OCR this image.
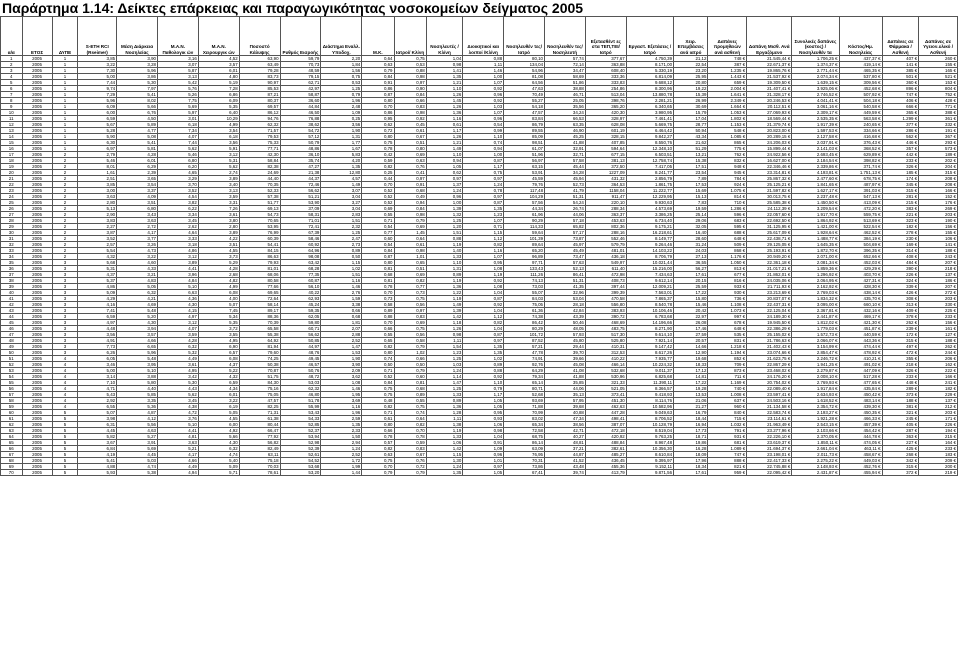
Παράρτημα 1.14: Δείκτες επάρκειας και παραγωγικότητας νοσοκομείων δείγματος 2005
α/α	ΕΤΟΣ	ΔΥΠΕ	S-ETH RCI (Rseimer)	Μέση Διάρκεια Νοσηλείας	Μ.Α.Ν. Παθολογικ ών	Μ.Α.Ν. Χειρουργικ ών	Ποσοστό Κάλυψης	Ρυθμός Εισροής	Διάστημα Εναλλ. Υποδοχ.	Μ.Κ.	Ιατροί/ Κλίνη	Νοσηλευτές /Κλίνη	Διοικητικοί και λοιποί /Κλίνη	Νοσηλευθέν τες/ Ιατρό	Νοσηλευθέν τες/ Νοσηλευτή	Εξετασθέντ ες στα ΤΕΠ,ΤΕΙ/ Ιατρό	Εργαστ. Εξετάσεις /Ιατρό	Χειρ. Επεμβάσεις ανά ιατρό	Δαπάνες προμηθειών ανά ασθενή	Δαπάνη Μισθ. Ανά Εργαζόμενο	Συνολικές δαπάνες (κοστος) / Νοσηλευθέν τα	Κόστος/Ημ. Νοσηλείας	Δαπάνες σε Φάρμακα / Ασθενή	Δαπάνες σε Υγειον.υλικό / Ασθενή
1	2005	1	3,85	3,90	3,16	4,52	63,90	59,79	2,20	0,64	0,75	1,04	0,88	80,10	57,74	377,67	4.750,39	21,12	748 €	21.545,44 €	1.706,25 €	437,37 €	407 €	260 €
2	2005	1	3,22	3,28	3,07	3,57	63,49	70,73	1,84	0,63	0,53	0,98	1,11	134,04	72,14	363,88	8.171,00	22,54	387 €	22.671,37 €	1.374,37 €	419,14 €	141 €	155 €
3	2005	1	7,30	5,96	5,87	6,01	79,28	48,59	1,56	0,79	0,88	1,41	1,46	54,96	34,47	608,40	5.330,19	23,20	1.235 €	19.865,76 €	2.771,44 €	465,35 €	385 €	165 €
4	2005	1	5,00	3,86	3,13	4,80	83,73	79,15	0,75	0,84	0,98	1,35	1,00	81,08	58,69	333,36	6.814,09	25,95	1.443 €	21.537,92 €	2.074,34 €	537,80 €	501 €	521 €
5	2005	1	7,44	5,30	5,42	5,19	90,97	62,71	0,53	0,91	0,97	1,21	1,07	64,56	51,86	333,83	9.688,12	20,80	659 €	19.309,50 €	1.639,15 €	309,56 €	360 €	153 €
6	2005	1	9,74	7,97	5,76	7,28	85,53	42,97	1,25	0,86	0,90	1,10	0,92	47,63	38,88	254,86	8.300,96	19,22	2.004 €	21.407,41 €	3.925,06 €	452,68 €	896 €	804 €
7	2005	1	7,29	5,41	5,26	6,86	87,21	58,87	0,79	0,87	0,84	1,26	0,96	70,49	46,71	513,04	13.880,78	15,39	1.641 €	21.328,17 €	2.746,52 €	507,92 €	747 €	752 €
8	2005	1	5,96	8,02	7,75	6,09	80,37	36,60	1,96	0,80	0,66	1,45	0,92	55,27	25,05	398,76	2.281,21	26,99	2.349 €	20.246,53 €	4.041,41 €	504,18 €	406 €	428 €
9	2005	1	6,09	5,66	5,69	5,35	69,57	44,84	2,48	0,70	0,83	1,26	1,03	54,18	35,56	365,20	6.340,65	30,69	1.664 €	20.112,51 €	3.061,16 €	540,58 €	666 €	771 €
10	2005	1	6,00	6,76	5,97	6,40	86,12	46,50	1,09	0,86	0,98	1,36	1,07	47,57	34,24	420,30	3.980,95	15,79	1.053 €	27.069,93 €	2.309,17 €	449,59 €	365 €	388 €
11	2005	1	6,59	4,50	3,01	10,29	94,76	76,88	0,25	0,95	0,92	1,16	0,96	83,84	66,53	328,97	7.461,41	17,04	1.802 €	18.569,44 €	2.535,35 €	563,58 €	1.299 €	361 €
12	2005	1	5,67	5,89	6,18	4,99	62,32	38,62	3,56	0,62	0,45	0,61	0,54	86,79	63,35	628,08	5.669,75	28,77	1.153 €	21.379,74 €	1.917,39 €	240,65 €	377 €	332 €
13	2005	1	5,28	4,77	7,34	3,54	71,57	54,72	1,90	0,72	0,61	1,17	0,99	89,55	46,90	601,19	6.464,42	50,94	548 €	20.823,00 €	1.597,53 €	334,66 €	286 €	191 €
14	2005	1	5,90	5,08	4,07	6,18	79,53	57,12	1,31	0,80	0,67	1,26	1,10	85,09	45,25	328,15	9.842,27	43,34	1.085 €	20.289,15 €	2.127,58 €	416,68 €	562 €	367 €
15	2005	1	6,30	5,41	7,44	3,56	75,33	50,79	1,77	0,75	0,51	1,21	0,74	98,51	41,88	407,85	8.550,76	21,62	865 €	24.206,03 €	2.037,91 €	376,43 €	446 €	293 €
16	2005	1	6,97	5,81	5,62	5,91	77,71	48,86	1,67	0,78	0,80	1,49	0,94	61,07	32,91	594,64	12.348,10	51,29	775 €	15.899,44 €	2.141,03 €	368,52 €	357 €	573 €
17	2005	2	2,79	4,28	5,46	3,12	42,30	36,10	5,83	0,42	0,69	1,10	1,00	51,96	32,71	677,15	6.503,51	13,21	762 €	24.922,56 €	2.693,45 €	629,89 €	442 €	189 €
18	2005	2	5,46	6,01	6,80	5,31	58,84	35,74	4,20	0,59	0,63	0,94	0,87	56,97	57,58	381,13	12.758,74	15,38	832 €	16.627,00 €	2.184,54 €	398,82 €	233 €	202 €
19	2005	2	8,01	6,29	6,20	5,62	82,38	47,27	1,35	0,82	0,76	1,05	1,17	63,15	45,44	372,50	7.417,05	17,51	948 €	22.346,46 €	2.339,86 €	371,74 €	326 €	204 €
20	2005	2	1,61	2,39	4,65	2,74	24,69	21,38	12,80	0,25	0,41	0,62	0,75	53,91	34,28	1227,09	8.241,77	23,54	945 €	23.314,81 €	4.193,81 €	1.751,13 €	185 €	315 €
21	2005	2	2,51	3,65	3,29	3,89	44,40	44,37	4,57	0,44	0,97	0,97	0,97	45,59	45,94	431,32	2.856,79	7,89	784 €	25.867,32 €	2.477,60 €	678,75 €	174 €	208 €
22	2005	2	3,85	3,54	3,70	3,40	70,35	72,46	1,49	0,70	0,91	1,37	1,24	79,76	52,73	364,53	1.861,75	17,53	924 €	25.125,21 €	1.841,65 €	487,97 €	345 €	208 €
23	2005	2	3,00	3,37	3,52	3,13	52,33	56,62	3,07	0,52	0,68	1,24	0,78	117,48	41,79	1158,04	11.222,77	15,69	1.075 €	21.597,82 €	1.627,17 €	391,03 €	315 €	166 €
24	2005	2	3,63	4,09	4,54	3,59	57,38	51,21	3,04	0,52	0,49	0,96	0,97	104,29	51,31	911,47	12.229,95	15,13	814 €	30.013,75 €	2.237,48 €	547,13 €	281 €	152 €
25	2005	2	2,80	3,51	3,82	3,31	51,77	53,90	3,27	0,52	0,94	1,00	0,87	57,56	54,24	220,10	9.930,63	7,83	710 €	25.585,38 €	1.450,50 €	413,09 €	215 €	176 €
26	2005	2	5,13	6,80	6,22	7,26	69,13	37,09	3,04	0,69	0,84	1,39	1,35	44,34	26,74	288,34	4.573,69	19,59	1.286 €	24.112,39 €	3.209,54 €	472,20 €	383 €	269 €
27	2005	2	2,90	3,43	3,34	3,61	54,73	58,31	2,83	0,55	0,98	1,32	1,23	61,96	44,06	363,37	3.386,25	25,14	596 €	22.057,60 €	1.917,70 €	559,75 €	221 €	203 €
28	2005	2	3,83	3,63	3,45	3,80	70,65	71,01	1,51	0,71	0,79	1,25	1,07	90,29	57,18	453,63	6.734,40	29,06	683 €	22.692,50 €	1.864,92 €	513,69 €	323 €	190 €
29	2005	2	2,27	2,72	2,62	2,80	53,95	72,41	2,32	0,54	0,69	1,20	0,71	114,33	65,82	802,36	9.175,21	32,05	595 €	31.125,95 €	1.421,00 €	522,54 €	182 €	156 €
30	2005	2	3,87	4,17	4,64	3,89	76,99	67,39	1,25	0,77	1,45	1,51	1,15	59,64	57,17	288,16	16.218,61	16,40	688 €	25.617,09 €	1.928,64 €	462,52 €	278 €	155 €
31	2005	2	3,52	3,77	3,33	4,22	60,39	58,46	2,47	0,60	0,64	0,88	1,12	101,39	73,87	552,46	8.149,77	28,60	648 €	22.438,71 €	1.488,77 €	384,19 €	230 €	106 €
32	2005	2	2,57	3,26	3,18	3,51	54,41	60,92	2,73	0,54	0,61	1,19	0,82	89,64	45,97	579,79	9.264,46	31,24	509 €	29.125,05 €	1.645,35 €	504,69 €	169 €	141 €
33	2005	2	5,54	4,73	4,86	4,55	84,15	64,96	0,89	0,84	0,98	1,40	1,16	65,20	45,49	481,01	14.103,22	24,03	868 €	25.193,91 €	1.872,70 €	396,35 €	314 €	188 €
34	2005	2	4,32	3,22	3,12	3,73	86,63	98,08	0,50	0,87	1,01	1,33	1,07	96,89	73,47	436,18	8.706,79	27,13	1.176 €	20.949,20 €	2.071,00 €	652,66 €	408 €	243 €
35	2005	3	5,68	4,60	3,89	5,29	79,93	63,42	1,15	0,80	0,65	1,10	0,95	97,71	57,63	549,97	10.021,44	36,55	1.050 €	22.361,18 €	2.081,34 €	452,03 €	484 €	207 €
36	2005	3	5,31	4,33	4,41	4,28	81,01	68,28	1,02	0,81	0,51	1,31	1,08	133,43	52,13	611,40	15.216,00	56,27	813 €	21.017,21 €	1.859,36 €	429,29 €	390 €	218 €
37	2005	3	4,37	3,21	3,96	2,68	68,06	77,35	1,51	0,68	0,69	0,89	1,19	111,26	86,41	472,98	7.434,63	17,61	677 €	21.862,01 €	1.296,92 €	403,70 €	226 €	137 €
38	2005	3	5,37	4,83	4,84	4,82	80,58	60,87	1,16	0,81	0,82	1,19	0,92	74,13	51,31	408,73	9.612,14	20,15	816 €	24.035,06 €	2.064,95 €	427,31 €	324 €	186 €
39	2005	3	4,86	5,05	5,10	4,99	77,66	56,10	1,46	0,78	0,77	1,36	1,08	73,03	41,35	397,44	12.009,21	25,59	933 €	21.711,93 €	2.162,92 €	428,30 €	339 €	207 €
40	2005	3	5,09	6,32	6,63	6,08	69,65	40,22	2,76	0,70	0,73	1,22	1,04	55,07	32,96	399,39	7.563,01	17,22	930 €	23.213,69 €	2.769,03 €	438,14 €	426 €	272 €
41	2005	3	4,29	4,21	4,36	4,00	72,64	62,93	1,59	0,73	0,75	1,19	0,87	84,03	53,04	470,58	7.865,37	15,80	736 €	20.837,07 €	1.834,32 €	435,70 €	308 €	203 €
42	2005	3	4,16	4,69	4,30	5,07	58,14	45,24	3,38	0,58	0,56	1,49	0,92	75,05	28,18	556,80	8.540,78	15,46	1.108 €	22.437,31 €	3.095,00 €	660,10 €	313 €	330 €
43	2005	3	7,41	5,48	4,15	7,45	89,17	59,35	0,66	0,89	0,97	1,39	1,04	61,36	42,84	383,93	10.106,46	20,42	1.073 €	22.125,04 €	2.367,81 €	432,16 €	409 €	225 €
44	2005	3	6,59	5,20	4,97	5,34	88,36	62,05	0,68	0,88	0,83	1,42	1,12	74,38	43,39	390,72	6.783,68	22,97	997 €	24.189,30 €	2.441,87 €	469,17 €	378 €	233 €
45	2005	3	4,97	4,30	3,12	5,35	70,39	59,80	1,81	0,70	0,69	1,18	0,82	86,42	50,46	468,69	14.196,66	26,08	678 €	19.945,50 €	1.812,02 €	421,30 €	262 €	156 €
46	2005	3	4,48	3,94	4,07	3,72	65,58	60,71	2,07	0,66	0,75	1,26	1,04	80,29	48,05	483,75	8.271,90	17,46	648 €	22.386,29 €	1.779,03 €	451,87 €	239 €	161 €
47	2005	3	3,56	3,57	3,59	3,55	55,38	56,62	2,88	0,55	0,56	0,98	0,87	101,72	57,93	517,30	9.614,10	27,59	535 €	25.155,02 €	1.572,73 €	440,59 €	172 €	127 €
48	2005	3	4,91	4,66	4,28	4,95	64,92	50,85	2,52	0,65	0,58	1,11	0,97	87,52	45,80	525,80	7.921,14	20,57	831 €	21.786,63 €	2.066,07 €	443,36 €	315 €	188 €
49	2005	3	7,73	6,65	6,32	6,90	81,94	44,97	1,47	0,82	0,79	1,54	1,35	57,21	29,44	410,31	9.147,42	14,66	1.218 €	21.402,43 €	3.154,99 €	474,44 €	497 €	262 €
50	2005	3	6,26	5,96	5,32	6,57	79,60	48,76	1,53	0,80	1,02	1,23	1,35	47,78	39,70	312,53	8.617,26	12,90	1.194 €	23.074,66 €	2.854,47 €	478,92 €	472 €	244 €
51	2005	4	6,05	5,48	4,49	6,08	74,25	49,45	1,90	0,74	0,66	1,25	1,02	74,91	39,66	410,22	7.935,77	19,68	852 €	21.623,75 €	2.246,72 €	410,21 €	355 €	206 €
52	2005	4	3,46	3,95	3,61	4,37	50,38	46,57	3,90	0,50	0,50	1,03	0,89	92,76	45,08	466,14	10.224,32	18,33	709 €	22.867,29 €	1.941,25 €	491,02 €	218 €	162 €
53	2005	4	5,00	5,10	4,95	5,22	70,87	50,76	2,09	0,71	0,79	1,24	0,88	64,29	41,08	532,68	9.011,37	17,12	873 €	23.468,02 €	2.279,87 €	447,09 €	326 €	222 €
54	2005	4	3,14	3,88	3,42	4,32	51,75	48,72	3,62	0,52	0,60	1,14	0,92	79,34	41,88	530,96	6.825,68	14,81	711 €	24.176,20 €	2.008,10 €	517,28 €	233 €	166 €
55	2005	4	7,10	5,80	5,30	6,59	84,30	53,03	1,08	0,84	0,81	1,47	1,10	65,14	35,85	321,33	11.390,11	17,22	1.169 €	20.754,02 €	2.769,93 €	477,65 €	448 €	241 €
56	2005	4	4,71	4,40	4,43	4,34	75,16	62,32	1,46	0,75	0,68	1,25	0,79	80,71	44,06	521,05	8.366,57	19,28	740 €	22.089,40 €	1.917,84 €	435,84 €	289 €	182 €
57	2005	4	5,43	5,85	5,62	6,01	75,05	46,80	1,95	0,75	0,89	1,33	1,17	52,68	35,13	373,41	9.418,93	13,53	1.008 €	23.597,41 €	2.634,93 €	450,42 €	373 €	229 €
58	2005	4	2,92	3,35	3,45	3,22	47,57	51,78	3,69	0,48	0,55	0,89	1,05	93,69	57,95	451,30	8.114,76	21,06	637 €	24.503,16 €	1.618,52 €	483,14 €	188 €	137 €
59	2005	4	6,55	5,36	4,38	6,19	82,25	55,99	1,16	0,82	0,75	1,36	1,05	71,88	39,68	462,63	10.582,96	21,27	960 €	21.134,58 €	2.354,72 €	439,30 €	381 €	212 €
60	2005	5	5,07	4,87	4,72	5,05	71,31	53,43	1,96	0,71	0,74	1,28	0,95	70,99	40,88	447,28	9.049,63	16,79	840 €	22.583,74 €	2.193,27 €	450,35 €	321 €	203 €
61	2005	5	3,98	4,12	3,76	4,55	61,38	54,33	2,59	0,61	0,64	1,11	0,93	83,02	47,34	498,41	8.706,52	18,44	715 €	23.114,61 €	1.921,28 €	466,33 €	245 €	171 €
62	2005	5	6,31	5,56	5,10	6,00	80,44	52,85	1,35	0,80	0,82	1,38	1,06	65,34	38,56	387,07	10.128,79	16,94	1.032 €	21.963,49 €	2.543,15 €	457,39 €	405 €	226 €
63	2005	5	4,45	4,63	4,41	4,92	66,47	52,37	2,33	0,66	0,70	1,19	0,98	72,58	42,71	472,18	8.519,04	17,73	791 €	23.277,96 €	2.103,66 €	454,42 €	287 €	194 €
64	2005	5	5,82	5,27	4,81	5,66	77,92	53,94	1,50	0,78	0,78	1,33	1,04	68,75	40,27	420,92	9.763,25	18,71	931 €	22.226,10 €	2.370,05 €	444,78 €	363 €	215 €
65	2005	5	3,67	3,91	3,63	4,30	56,82	52,98	2,94	0,57	0,59	1,06	0,91	86,14	48,81	488,84	8.967,48	19,86	681 €	23.619,37 €	1.850,11 €	474,05 €	227 €	164 €
66	2005	5	6,84	5,69	5,21	6,32	82,49	52,39	1,24	0,82	0,83	1,42	1,09	63,09	37,21	382,61	10.356,30	16,28	1.089 €	21.694,37 €	2.661,04 €	463,11 €	425 €	233 €
67	2005	5	4,19	4,45	4,17	4,74	63,11	52,61	2,52	0,63	0,67	1,15	0,96	76,95	44,87	485,27	8.610,84	18,09	747 €	23.198,01 €	2.011,73 €	458,67 €	268 €	183 €
68	2005	5	5,41	5,03	4,66	5,40	75,18	54,52	1,72	0,75	0,76	1,30	1,01	70,31	41,52	436,45	9.395,97	17,96	888 €	22.417,33 €	2.275,22 €	449,03 €	342 €	209 €
69	2005	5	4,88	4,74	4,49	5,09	70,03	53,68	1,99	0,70	0,72	1,24	0,97	73,86	43,48	455,36	9.152,11	18,34	821 €	22.745,88 €	2.148,93 €	452,76 €	315 €	200 €
70	2005	5	5,93	5,38	4,94	5,71	78,61	53,20	1,44	0,79	0,79	1,35	1,05	67,41	39,74	413,79	9.871,56	17,61	959 €	22.095,42 €	2.431,87 €	455,94 €	372 €	219 €
